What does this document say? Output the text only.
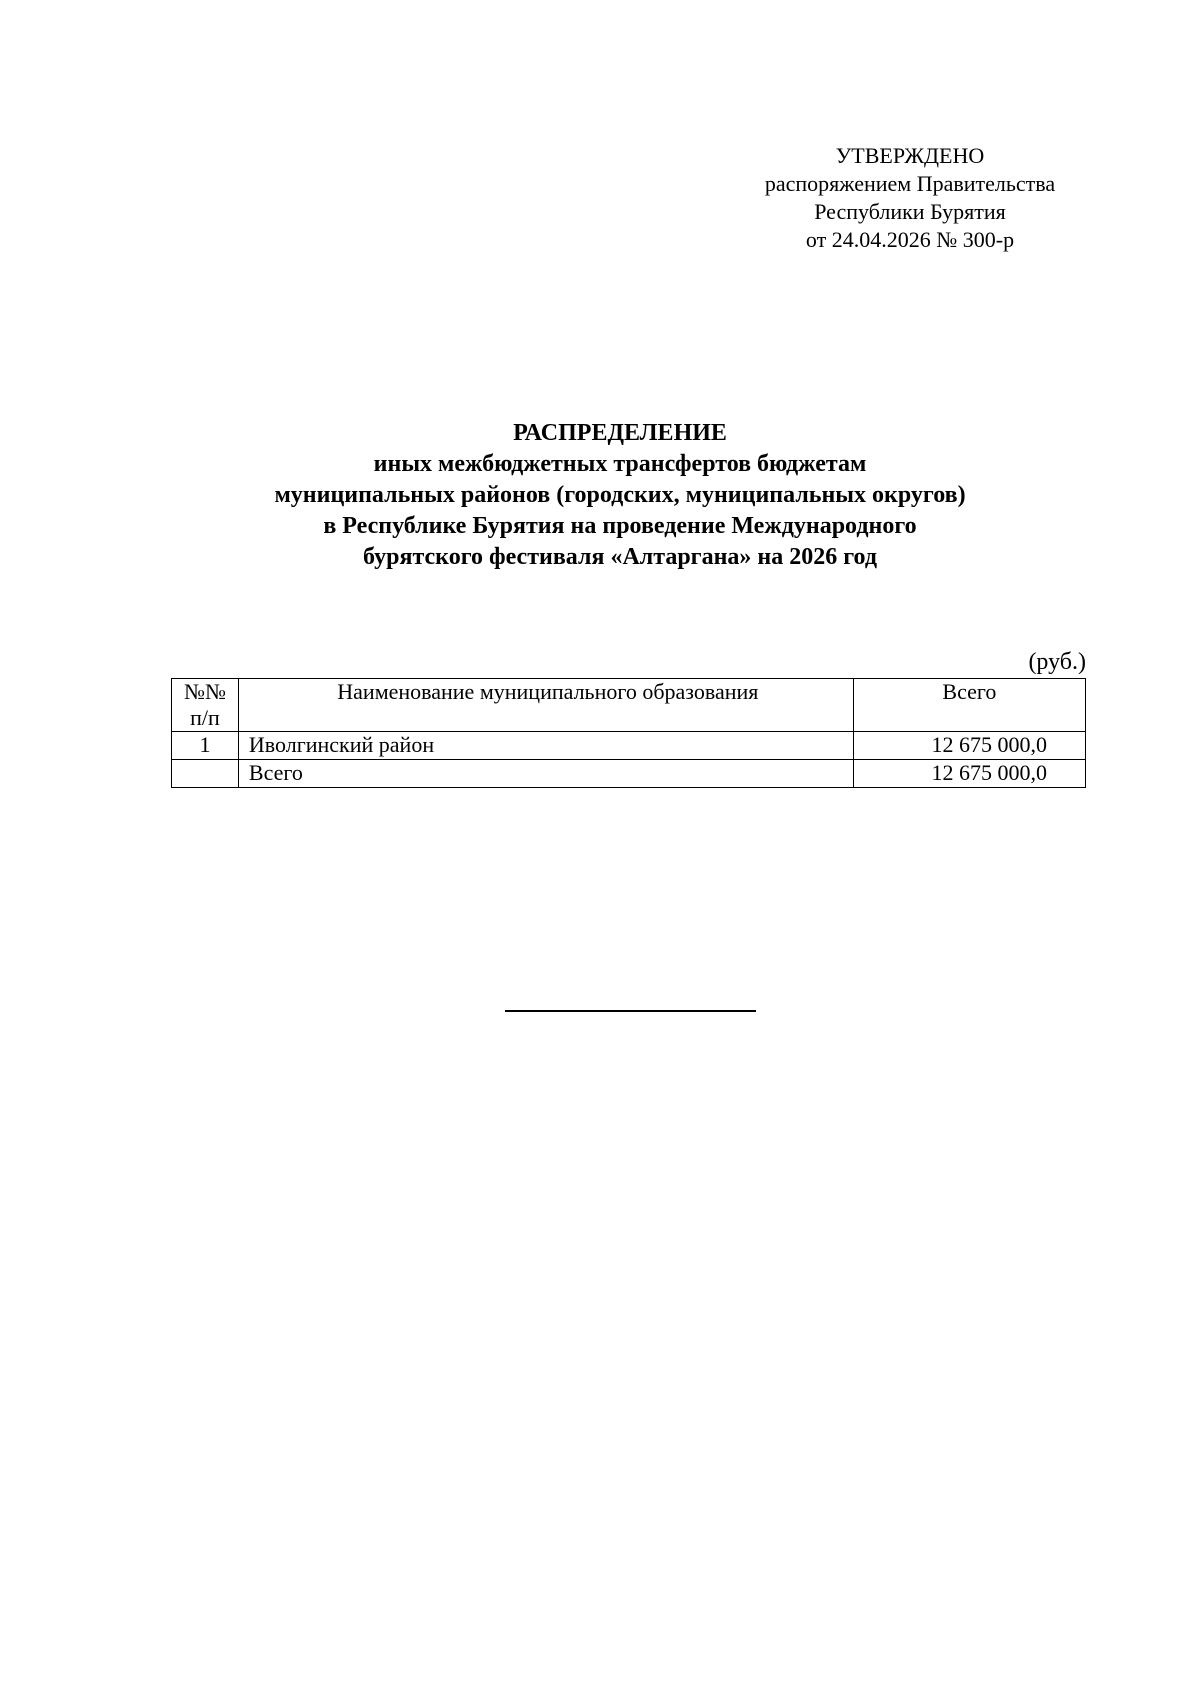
УТВЕРЖДЕНО
распоряжением Правительства
Республики Бурятия
от 24.04.2026 № 300-р
РАСПРЕДЕЛЕНИЕ
иных межбюджетных трансфертов бюджетам
муниципальных районов (городских, муниципальных округов)
в Республике Бурятия на проведение Международного
бурятского фестиваля «Алтаргана» на 2026 год
(руб.)
№№
п/п	Наименование муниципального образования	Всего
1	Иволгинский район	12 675 000,0
	Всего	12 675 000,0
